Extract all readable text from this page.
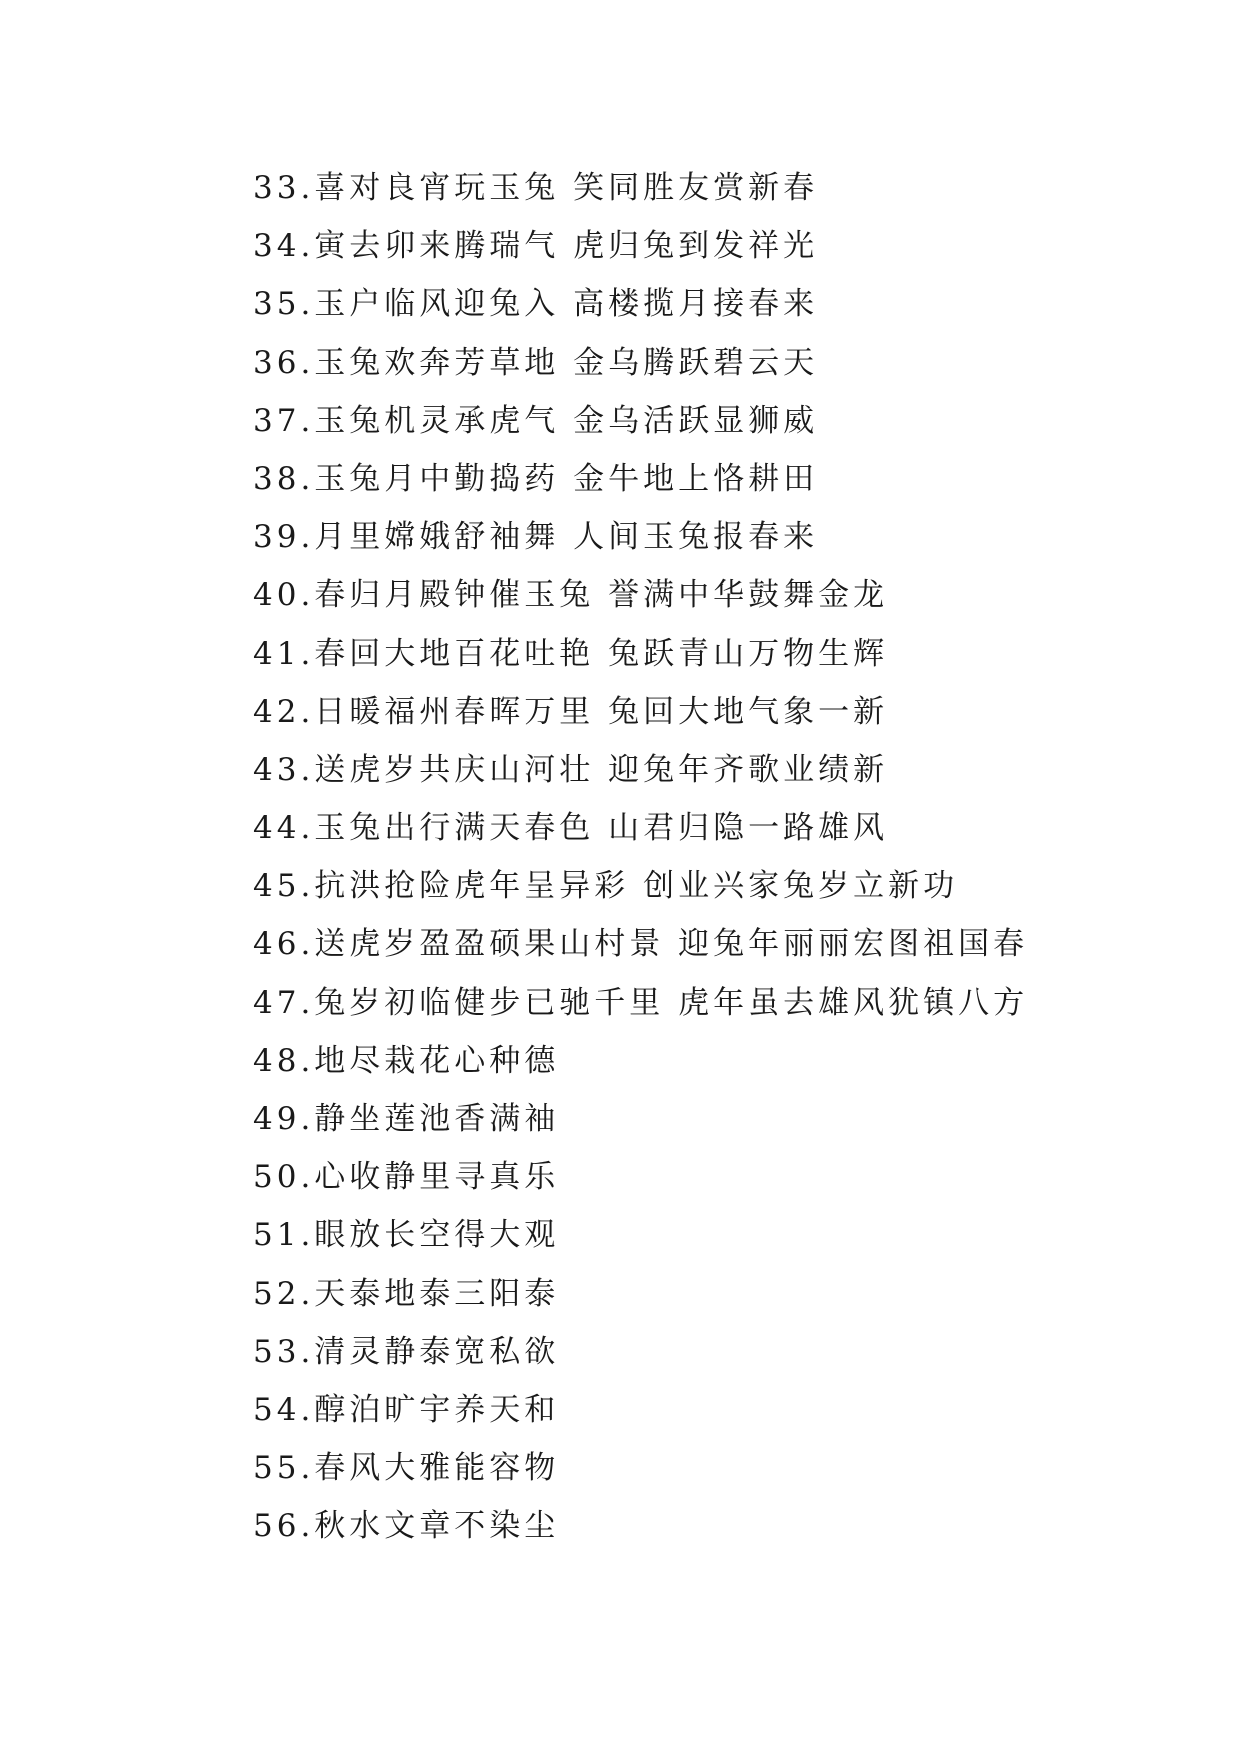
33.喜对良宵玩玉兔 笑同胜友赏新春
34.寅去卯来腾瑞气 虎归兔到发祥光
35.玉户临风迎兔入 高楼揽月接春来
36.玉兔欢奔芳草地 金乌腾跃碧云天
37.玉兔机灵承虎气 金乌活跃显狮威
38.玉兔月中勤捣药 金牛地上恪耕田
39.月里嫦娥舒袖舞 人间玉兔报春来
40.春归月殿钟催玉兔 誉满中华鼓舞金龙
41.春回大地百花吐艳 兔跃青山万物生辉
42.日暖福州春晖万里 兔回大地气象一新
43.送虎岁共庆山河壮 迎兔年齐歌业绩新
44.玉兔出行满天春色 山君归隐一路雄风
45.抗洪抢险虎年呈异彩 创业兴家兔岁立新功
46.送虎岁盈盈硕果山村景 迎兔年丽丽宏图祖国春
47.兔岁初临健步已驰千里 虎年虽去雄风犹镇八方
48.地尽栽花心种德
49.静坐莲池香满袖
50.心收静里寻真乐
51.眼放长空得大观
52.天泰地泰三阳泰
53.清灵静泰宽私欲
54.醇泊旷宇养天和
55.春风大雅能容物
56.秋水文章不染尘
